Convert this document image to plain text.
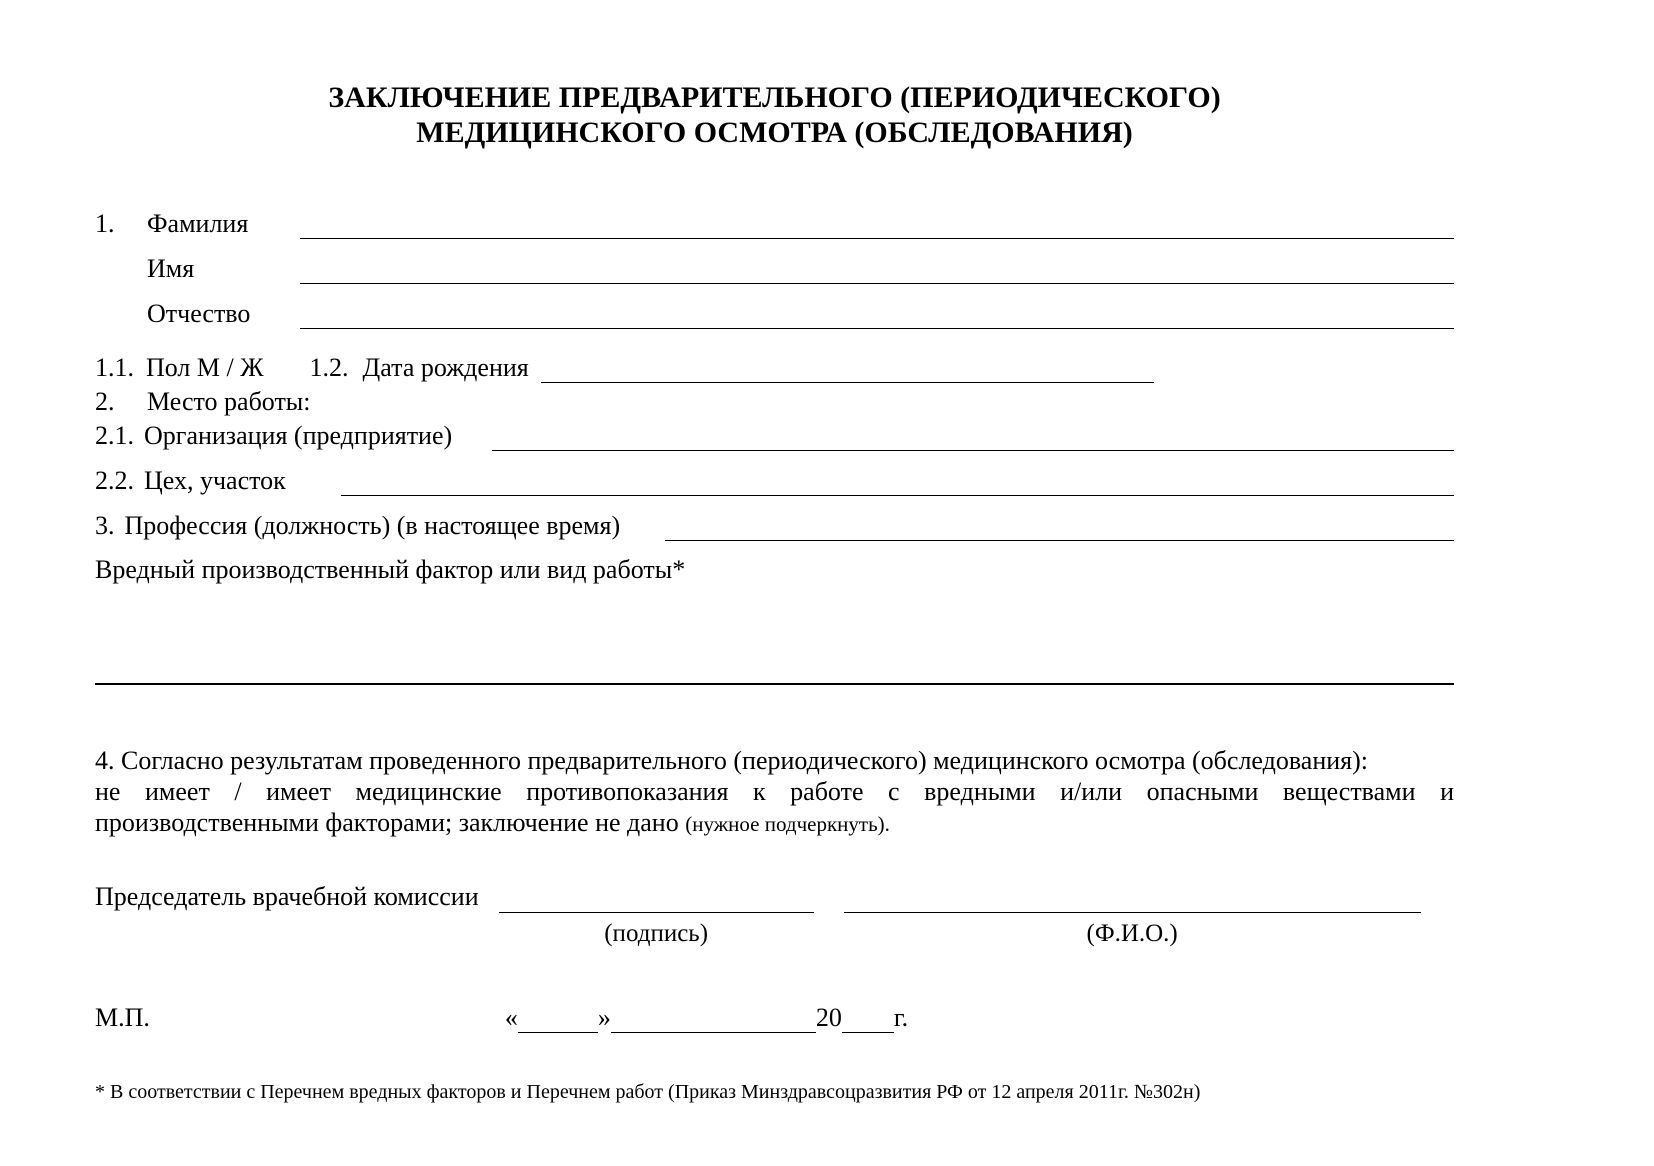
ЗАКЛЮЧЕНИЕ ПРЕДВАРИТЕЛЬНОГО (ПЕРИОДИЧЕСКОГО)
МЕДИЦИНСКОГО ОСМОТРА (ОБСЛЕДОВАНИЯ)
1.	Фамилия
Имя
Отчество
1.1. Пол М / Ж 1.2. Дата рождения
2.	Место работы:
2.1. Организация (предприятие)
2.2. Цех, участок
3. Профессия (должность) (в настоящее время)
Вредный производственный фактор или вид работы*
4. Согласно результатам проведенного предварительного (периодического) медицинского осмотра (обследования):
не имеет / имеет медицинские противопоказания к работе с вредными и/или опасными веществами и
производственными факторами; заключение не дано (нужное подчеркнуть).
Председатель врачебной комиссии
(подпись)	(Ф.И.О.)
М.П.	«	»	20 г.
* В соответствии с Перечнем вредных факторов и Перечнем работ (Приказ Минздравсоцразвития РФ от 12 апреля 2011г. №302н)
